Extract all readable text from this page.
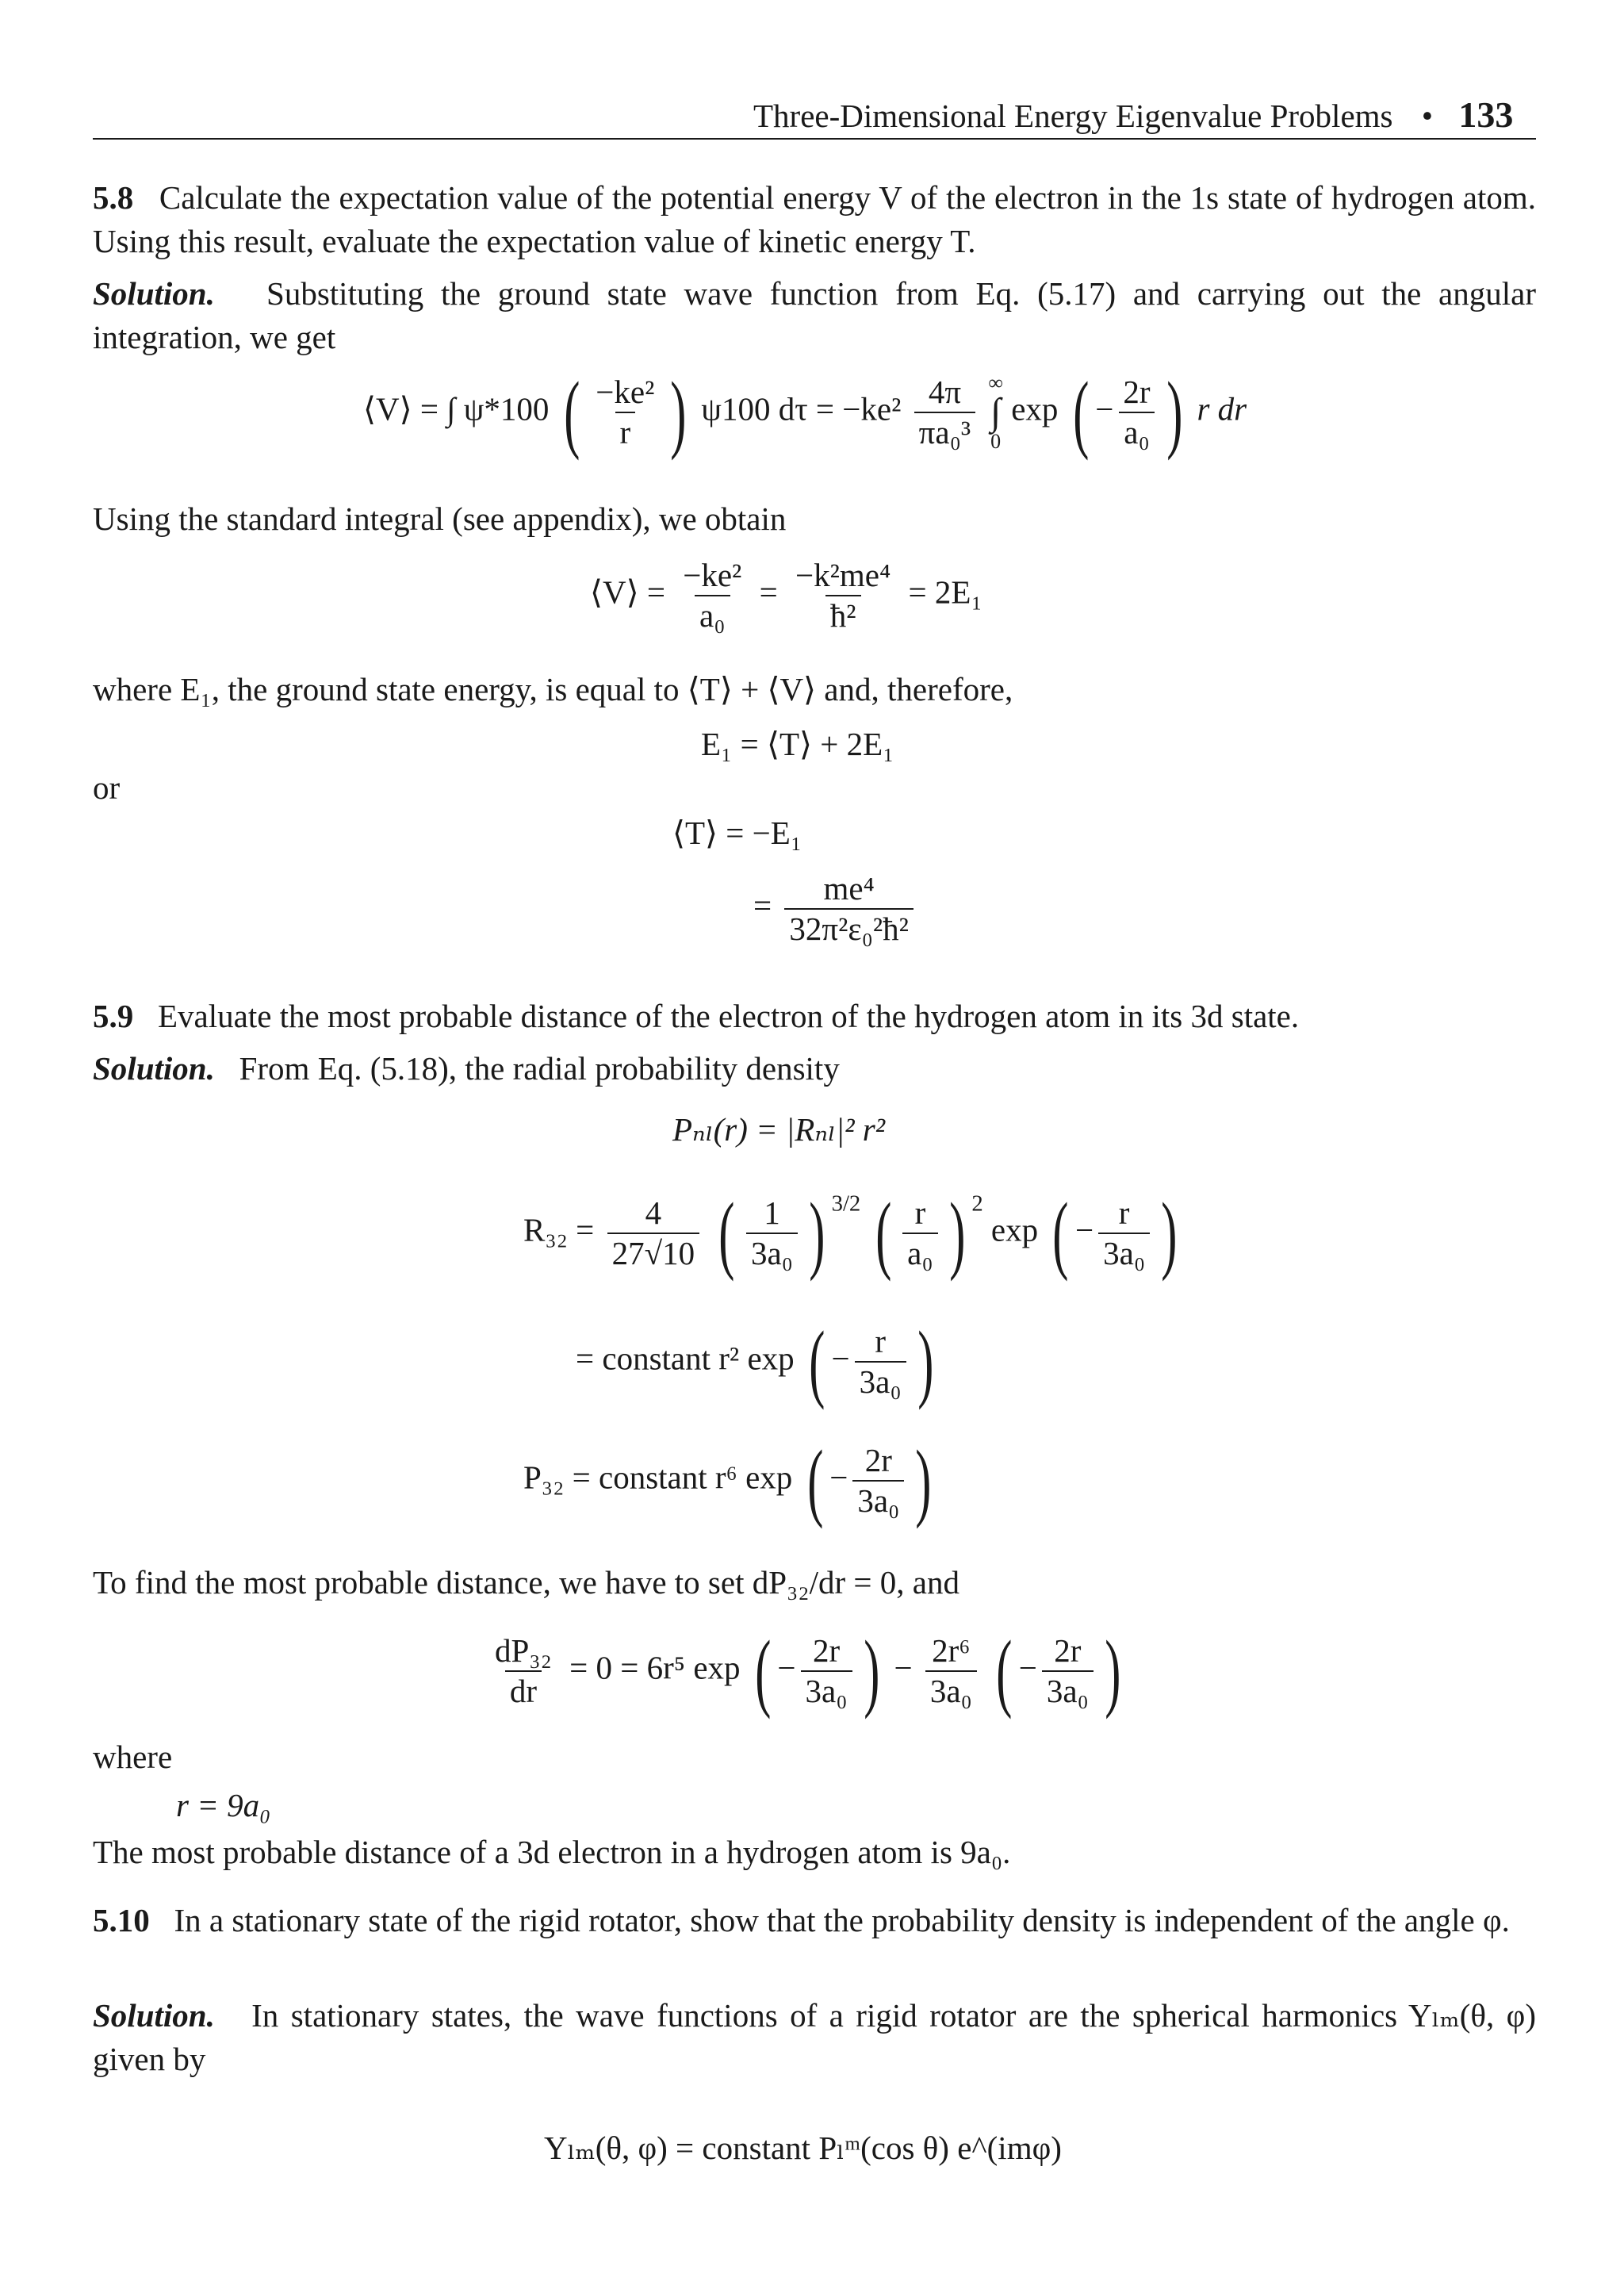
Three-Dimensional Energy Eigenvalue Problems • 133
5.8 Calculate the expectation value of the potential energy V of the electron in the 1s state of hydrogen atom. Using this result, evaluate the expectation value of kinetic energy T.
Solution. Substituting the ground state wave function from Eq. (5.17) and carrying out the angular integration, we get
⟨V⟩ = ∫ ψ*100 ( $\frac{\text{−ke²}}{r}$ ) ψ100 $d\tau = -ke^2 \frac{4\pi}{\text{πa₀³}}$
∞
∫
0
exp ( − $\frac{2r}{\text{a₀}}$ ) r dr
Using the standard integral (see appendix), we obtain
⟨V⟩ = $\frac{\text{−ke²}}{\text{a₀}} = \frac{\text{−k²me⁴}}{\text{ħ²}} = 2E_1$
where E₁, the ground state energy, is equal to ⟨T⟩ + ⟨V⟩ and, therefore,
E₁ = ⟨T⟩ + 2E₁
or
⟨T⟩ = −E₁
= $\frac{\text{me⁴}}{\text{32π²ε₀²ħ²}}$
5.9 Evaluate the most probable distance of the electron of the hydrogen atom in its 3d state.
Solution. From Eq. (5.18), the radial probability density
Pₙₗ(r) = |Rₙₗ|² r²
$R_{32} = \frac{4}{27√10}$ ( $\frac{1}{\text{3a₀}}$ ) $^{3/2}$ ( $\frac{r}{\text{a₀}}$ ) $^2$ exp ( − $\frac{r}{\text{3a₀}}$ )
= constant r² exp ( − $\frac{r}{\text{3a₀}}$ )
P₃₂ = constant r⁶ exp ( − $\frac{2r}{\text{3a₀}}$ )
To find the most probable distance, we have to set dP₃₂/dr = 0, and
$\frac{\text{dP₃₂}}{dr} = 0 = 6r^5$ exp ( − $\frac{2r}{\text{3a₀}}$ ) − $\frac{\text{2r⁶}}{\text{3a₀}}$ ( − $\frac{2r}{\text{3a₀}}$ )
where
r = 9a₀
The most probable distance of a 3d electron in a hydrogen atom is 9a₀.
5.10 In a stationary state of the rigid rotator, show that the probability density is independent of the angle φ.
Solution. In stationary states, the wave functions of a rigid rotator are the spherical harmonics Yₗₘ(θ, φ) given by
Yₗₘ(θ, φ) = constant Pₗᵐ(cos θ) e^(imφ)
